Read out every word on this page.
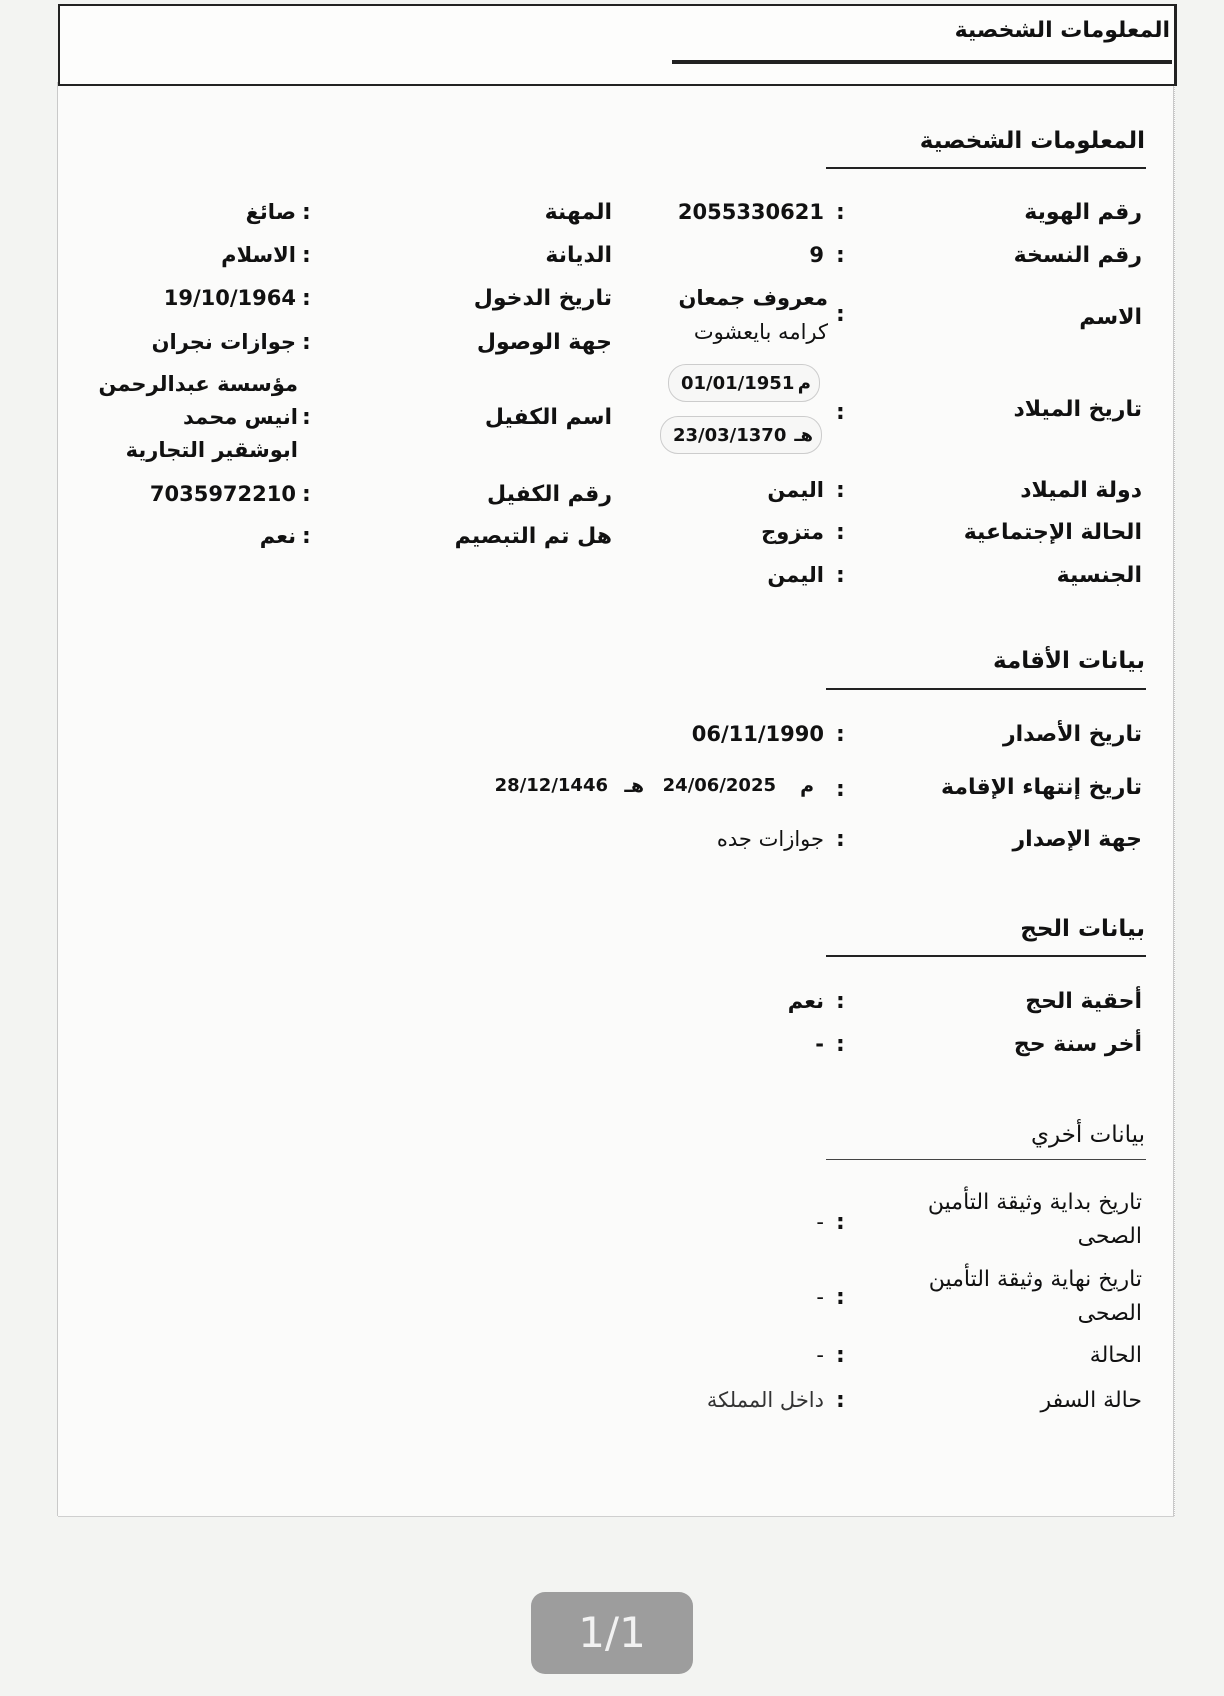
المعلومات الشخصية
المعلومات الشخصية
رقم الهوية
:
2055330621
رقم النسخة
:
9
الاسم
:
معروف جمعان
كرامه بايعشوت
تاريخ الميلاد
:
م
01/01/1951
هـ
23/03/1370
دولة الميلاد
:
اليمن
الحالة الإجتماعية
:
متزوج
الجنسية
:
اليمن
المهنة
:
صائغ
الديانة
:
الاسلام
تاريخ الدخول
:
19/10/1964
جهة الوصول
:
جوازات نجران
اسم الكفيل
:
مؤسسة عبدالرحمن
انيس محمد
ابوشقير التجارية
رقم الكفيل
:
7035972210
هل تم التبصيم
:
نعم
بيانات الأقامة
تاريخ الأصدار
:
06/11/1990
تاريخ إنتهاء الإقامة
:
م
24/06/2025
هـ
28/12/1446
جهة الإصدار
:
جوازات جده
بيانات الحج
أحقية الحج
:
نعم
أخر سنة حج
:
-
بيانات أخري
تاريخ بداية وثيقة التأمين الصحى
:
-
تاريخ نهاية وثيقة التأمين الصحى
:
-
الحالة
:
-
حالة السفر
:
داخل المملكة
1/1
